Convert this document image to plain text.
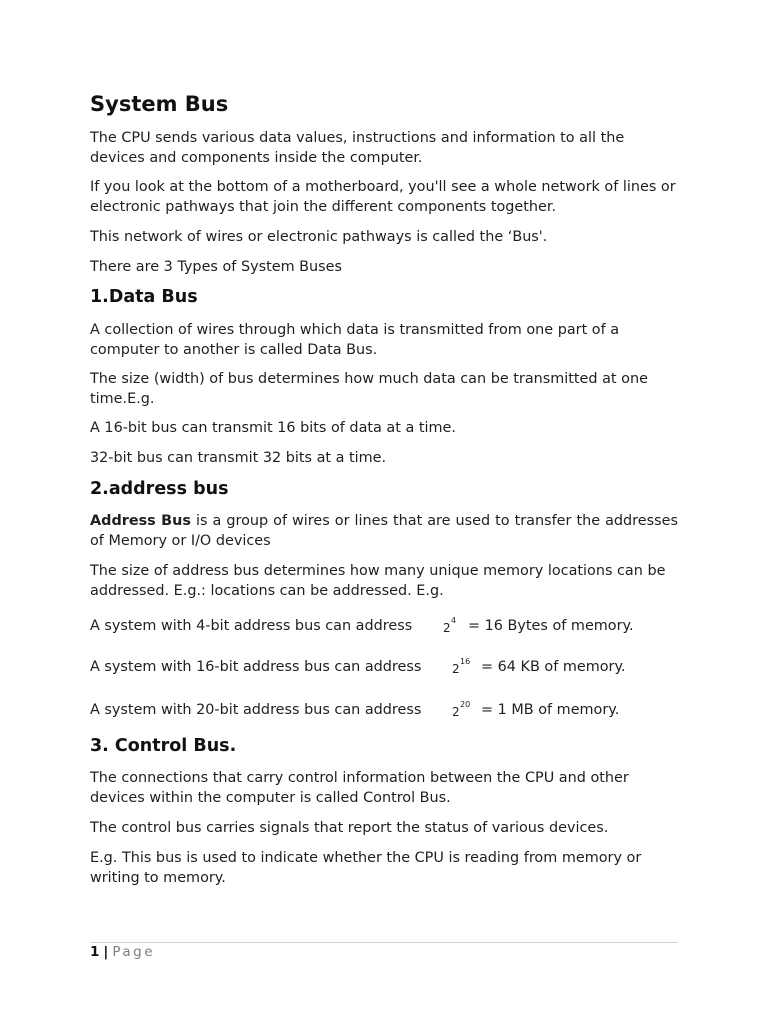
System Bus

The CPU sends various data values, instructions and information to all the devices and components inside the computer.

If you look at the bottom of a motherboard, you'll see a whole network of lines or electronic pathways that join the different components together.

This network of wires or electronic pathways is called the ‘Bus'.

There are 3 Types of System Buses

1.Data Bus

A collection of wires through which data is transmitted from one part of a computer to another is called Data Bus.

The size (width) of bus determines how much data can be transmitted at one time.E.g.

A 16-bit bus can transmit 16 bits of data at a time.

32-bit bus can transmit 32 bits at a time.

2.address bus

Address Bus is a group of wires or lines that are used to transfer the addresses of Memory or I/O devices

The size of address bus determines how many unique memory locations can be addressed. E.g.: locations can be addressed. E.g.

A system with 4-bit address bus can address	2
4 = 16 Bytes of memory.
A system with 16-bit address bus can address	2
16 = 64 KB of memory.
A system with 20-bit address bus can address	2
20 = 1 MB of memory.
3. Control Bus.

The connections that carry control information between the CPU and other devices within the computer is called Control Bus.

The control bus carries signals that report the status of various devices.

E.g. This bus is used to indicate whether the CPU is reading from memory or writing to memory.

1 | Page
